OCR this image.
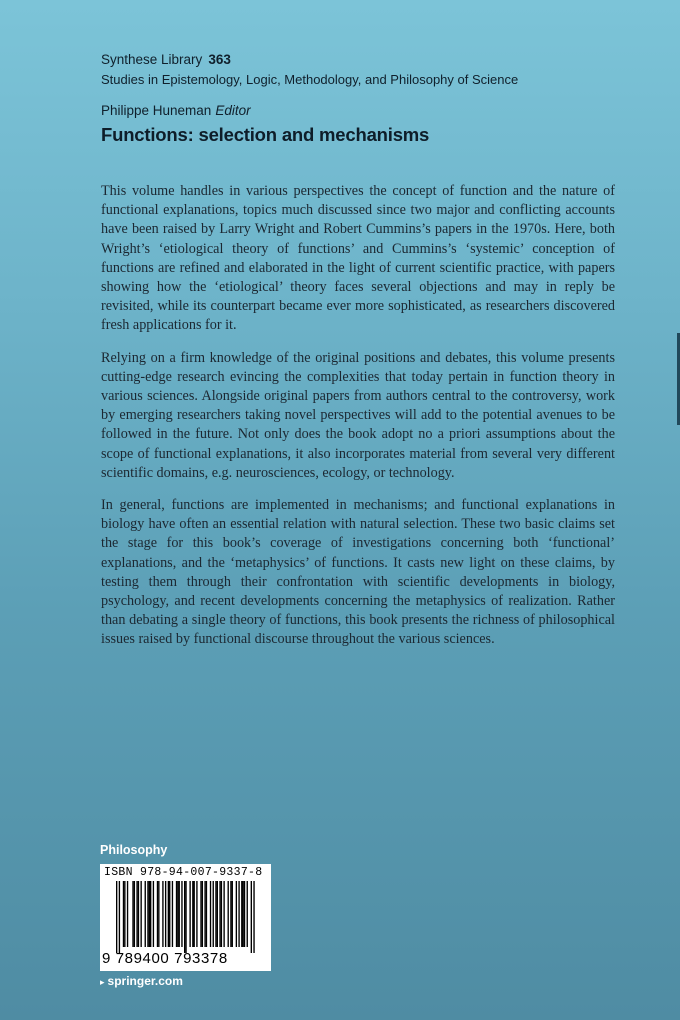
Synthese Library 363
Studies in Epistemology, Logic, Methodology, and Philosophy of Science
Philippe Huneman Editor
Functions: selection and mechanisms

This volume handles in various perspectives the concept of function and the nature of functional explanations, topics much discussed since two major and conflicting accounts have been raised by Larry Wright and Robert Cummins’s papers in the 1970s. Here, both Wright’s ‘etiological theory of functions’ and Cummins’s ‘systemic’ conception of functions are refined and elaborated in the light of current scientific practice, with papers showing how the ‘etiological’ theory faces several objections and may in reply be revisited, while its counterpart became ever more sophisticated, as researchers discovered fresh applications for it.

Relying on a firm knowledge of the original positions and debates, this volume presents cutting-edge research evincing the complexities that today pertain in function theory in various sciences. Alongside original papers from authors central to the controversy, work by emerging researchers taking novel perspectives will add to the potential avenues to be followed in the future. Not only does the book adopt no a priori assumptions about the scope of functional explanations, it also incorporates material from several very different scientific domains, e.g. neurosciences, ecology, or technology.

In general, functions are implemented in mechanisms; and functional explanations in biology have often an essential relation with natural selection. These two basic claims set the stage for this book’s coverage of investigations concerning both ‘functional’ explanations, and the ‘metaphysics’ of functions. It casts new light on these claims, by testing them through their confrontation with scientific developments in biology, psychology, and recent developments concerning the metaphysics of realization. Rather than debating a single theory of functions, this book presents the richness of philosophical issues raised by functional discourse throughout the various sciences.

Philosophy
ISBN 978-94-007-9337-8
9 789400 793378
▸ springer.com
